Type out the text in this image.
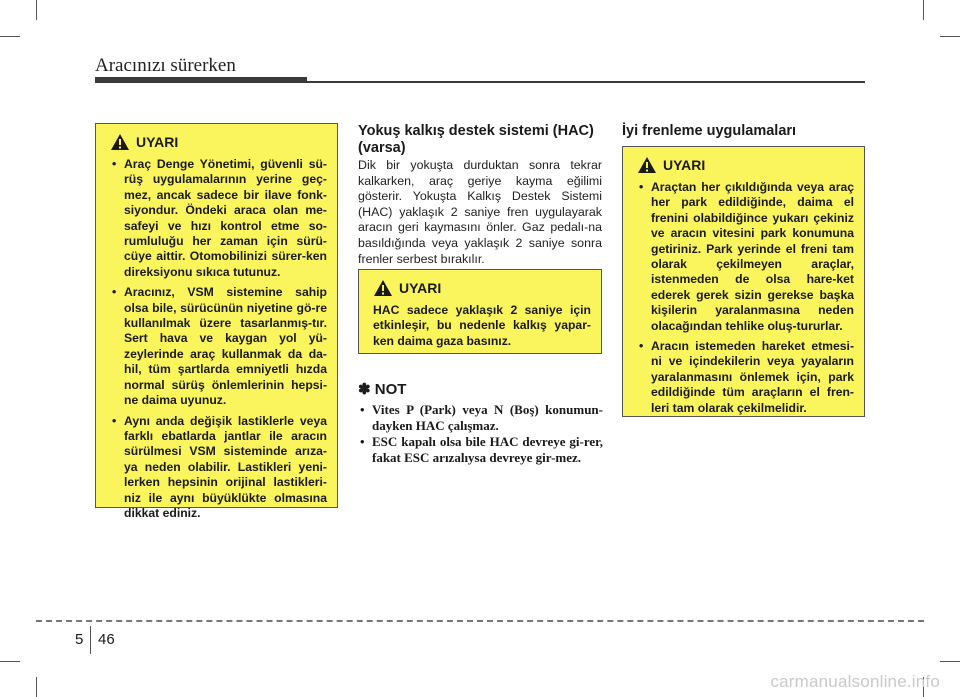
Aracınızı sürerken
UYARI
• Araç Denge Yönetimi, güvenli sü-rüş uygulamalarının yerine geç-mez, ancak sadece bir ilave fonk-siyondur. Öndeki araca olan me-safeyi ve hızı kontrol etme so-rumluluğu her zaman için sürü-cüye aittir. Otomobilinizi sürer-ken direksiyonu sıkıca tutunuz.
• Aracınız, VSM sistemine sahip olsa bile, sürücünün niyetine gö-re kullanılmak üzere tasarlanmış-tır. Sert hava ve kaygan yol yü-zeylerinde araç kullanmak da da-hil, tüm şartlarda emniyetli hızda normal sürüş önlemlerinin hepsi-ne daima uyunuz.
• Aynı anda değişik lastiklerle veya farklı ebatlarda jantlar ile aracın sürülmesi VSM sisteminde arıza-ya neden olabilir. Lastikleri yeni-lerken hepsinin orijinal lastikleri-niz ile aynı büyüklükte olmasına dikkat ediniz.
Yokuş kalkış destek sistemi (HAC) (varsa)

Dik bir yokuşta durduktan sonra tekrar kalkarken, araç geriye kayma eğilimi gösterir. Yokuşta Kalkış Destek Sistemi (HAC) yaklaşık 2 saniye fren uygulayarak aracın geri kaymasını önler. Gaz pedalı-na basıldığında veya yaklaşık 2 saniye sonra frenler serbest bırakılır.

UYARI

HAC sadece yaklaşık 2 saniye için etkinleşir, bu nedenle kalkış yapar-ken daima gaza basınız.

✽ NOT
• Vites P (Park) veya N (Boş) konumun-dayken HAC çalışmaz.
• ESC kapalı olsa bile HAC devreye gi-rer, fakat ESC arızalıysa devreye gir-mez.
İyi frenleme uygulamaları
UYARI
• Araçtan her çıkıldığında veya araç her park edildiğinde, daima el frenini olabildiğince yukarı çekiniz ve aracın vitesini park konumuna getiriniz. Park yerinde el freni tam olarak çekilmeyen araçlar, istenmeden de olsa hare-ket ederek gerek sizin gerekse başka kişilerin yaralanmasına neden olacağından tehlike oluş-tururlar.
• Aracın istemeden hareket etmesi-ni ve içindekilerin veya yayaların yaralanmasını önlemek için, park edildiğinde tüm araçların el fren-leri tam olarak çekilmelidir.
5 46
carmanualsonline.info
